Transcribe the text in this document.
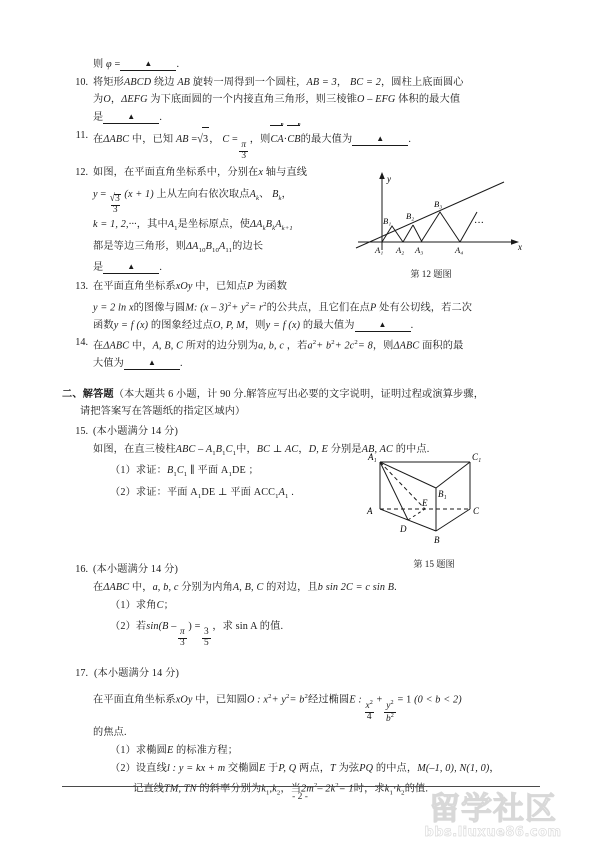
则 φ =	▲ .
10. 将矩形ABCD 绕边 AB 旋转一周得到一个圆柱，AB = 3， BC = 2，圆柱上底面圆心
为O，ΔEFG 为下底面圆的一个内接直角三角形，则三棱锥O – EFG 体积的最大值
是	▲ .
11. 在ΔABC 中，已知 AB =√3， C =
$\frac{\pi}{3}$
，则CA·CB的最大值为	▲ .
12. 如图，在平面直角坐标系中，分别在x 轴与直线
y =
$\frac{√3}{3}$
(x + 1) 上从左向右依次取点$A_k$、 $B_k$，
k = 1, 2,···，其中$A_1$是坐标原点，使$\Delta A_kB_kA_{k+1}$
都是等边三角形，则$\Delta A_{10}B_{10}A_{11}$的边长
是	▲ .
13. 在平面直角坐标系xOy 中，已知点P 为函数
y = 2 ln x的图像与圆M: $(x - 3)^2+ y^2= r^2$的公共点，且它们在点P 处有公切线，若二次
函数y = f (x) 的图象经过点O, P, M，则y = f (x) 的最大值为	▲ .
14. 在ΔABC 中，A, B, C 所对的边分别为a, b, c ，若$a^2+ b^2+ 2c^2= 8$，则ΔABC 面积的最
大值为	▲ .
二、解答题（本大题共 6 小题，计 90 分.解答应写出必要的文字说明，证明过程或演算步骤，
请把答案写在答题纸的指定区域内）
15. (本小题满分 14 分)
如图，在直三棱柱ABC – $A_1B_1C_1$中，BC ⊥ AC，D, E 分别是AB, AC 的中点.
（1）求证：$B_1C_1$ ∥ 平面 $A_1DE$ ；
（2）求证：平面 $A_1DE$ ⊥ 平面 $ACC_1A_1$ .
16. (本小题满分 14 分)
在ΔABC 中，a, b, c 分别为内角A, B, C 的对边，且b sin 2C = c sin B.
（1）求角C；
（2）若sin(B –
$\frac{\pi}{3}$
) =
$\frac{3}{5}$
，求 sin A 的值.
17. (本小题满分 14 分)
在平面直角坐标系xOy 中，已知圆O : $x^2+ y^2= b^2$经过椭圆E : $\frac{x^2}{4} + \frac{y^2}{b^2} = 1$ (0 < b < 2)
的焦点.
（1）求椭圆E 的标准方程；
（2）设直线l : y = kx + m 交椭圆E 于P, Q 两点，T 为弦PQ 的中点，M(–1, 0), N(1, 0)，
记直线TM, TN 的斜率分别为$k_1,k_2$，当$2m^2-$ $2k^2= 1$时，求$k_1\cdot k_2$的值.
y
x
B₁ B₂
B₃
A₁ A₂ A₃	A₄
···
第 12 题图
A₁	C₁
B₁
A	C
B
D
E
第 15 题图
- 2 -	留学社区
bbs.liuxue86.com
